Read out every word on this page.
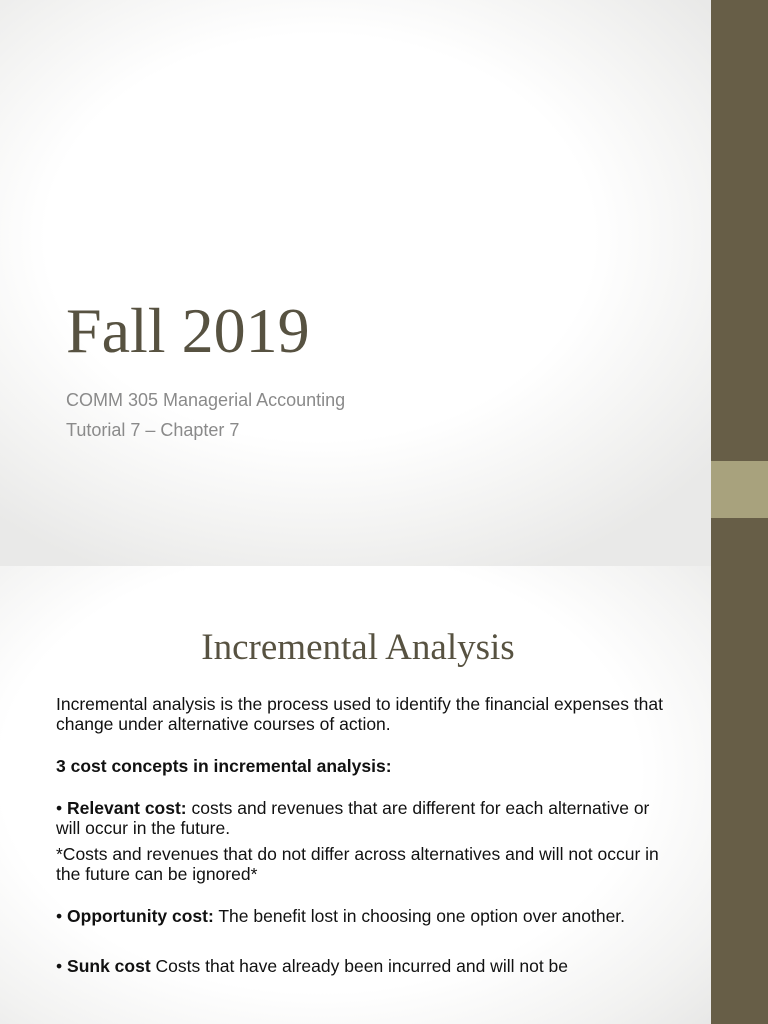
Fall 2019

COMM 305 Managerial Accounting

Tutorial 7 – Chapter 7

Incremental Analysis

Incremental analysis is the process used to identify the financial expenses that change under alternative courses of action.

3 cost concepts in incremental analysis:

• Relevant cost: costs and revenues that are different for each alternative or will occur in the future.

*Costs and revenues that do not differ across alternatives and will not occur in the future can be ignored*

• Opportunity cost: The benefit lost in choosing one option over another.

• Sunk cost Costs that have already been incurred and will not be
